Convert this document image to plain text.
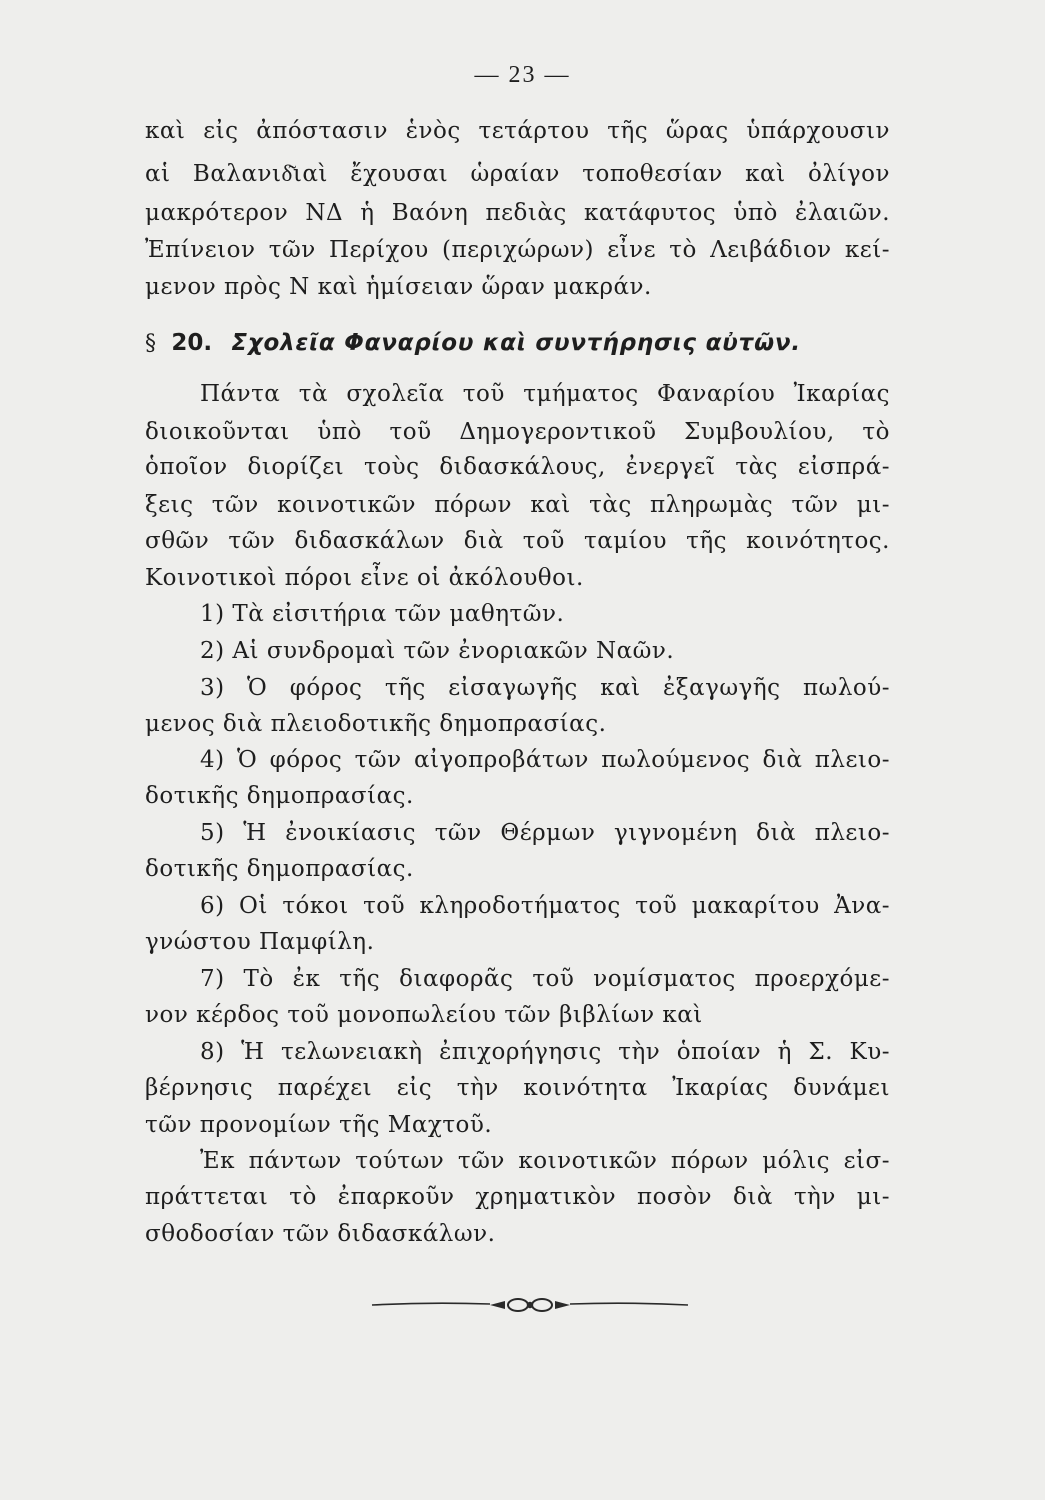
— 23 —
καὶ εἰς ἀπόστασιν ἑνὸς τετάρτου τῆς ὥρας ὑπάρχουσιν
αἱ Βαλανιδ͂ιαὶ ἔχουσαι ὡραίαν τοποθεσίαν καὶ ὀλίγον
μακρότερον ΝΔ ἡ Βαόνη πεδιὰς κατάφυτος ὑπὸ ἐλαιῶν.
Ἐπίνειον τῶν Περίχου (περιχώρων) εἶνε τὸ Λειβάδιον κεί-
μενον πρὸς Ν καὶ ἡμίσειαν ὥραν μακράν.
§ 20. Σχολεῖα Φαναρίου καὶ συντήρησις αὐτῶν.
Πάντα τὰ σχολεῖα τοῦ τμήματος Φαναρίου Ἰκαρίας
διοικοῦνται ὑπὸ τοῦ Δημογεροντικοῦ Συμβουλίου, τὸ
ὁποῖον διορίζει τοὺς διδασκάλους, ἐνεργεῖ τὰς εἰσπρά-
ξεις τῶν κοινοτικῶν πόρων καὶ τὰς πληρωμὰς τῶν μι-
σθῶν τῶν διδασκάλων διὰ τοῦ ταμίου τῆς κοινότητος.
Κοινοτικοὶ πόροι εἶνε οἱ ἀκόλουθοι.
1) Τὰ εἰσιτήρια τῶν μαθητῶν.
2) Αἱ συνδρομαὶ τῶν ἐνοριακῶν Ναῶν.
3) Ὁ φόρος τῆς εἰσαγωγῆς καὶ ἐξαγωγῆς πωλού-
μενος διὰ πλειοδοτικῆς δημοπρασίας.
4) Ὁ φόρος τῶν αἰγοπροβάτων πωλούμενος διὰ πλειο-
δοτικῆς δημοπρασίας.
5) Ἡ ἐνοικίασις τῶν Θέρμων γιγνομένη διὰ πλειο-
δοτικῆς δημοπρασίας.
6) Οἱ τόκοι τοῦ κληροδοτήματος τοῦ μακαρίτου Ἀνα-
γνώστου Παμφίλη.
7) Τὸ ἐκ τῆς διαφορᾶς τοῦ νομίσματος προερχόμε-
νον κέρδος τοῦ μονοπωλείου τῶν βιβλίων καὶ
8) Ἡ τελωνειακὴ ἐπιχορήγησις τὴν ὁποίαν ἡ Σ. Κυ-
βέρνησις παρέχει εἰς τὴν κοινότητα Ἰκαρίας δυνάμει
τῶν προνομίων τῆς Μαχτοῦ.
Ἐκ πάντων τούτων τῶν κοινοτικῶν πόρων μόλις εἰσ-
πράττεται τὸ ἐπαρκοῦν χρηματικὸν ποσὸν διὰ τὴν μι-
σθοδοσίαν τῶν διδασκάλων.
